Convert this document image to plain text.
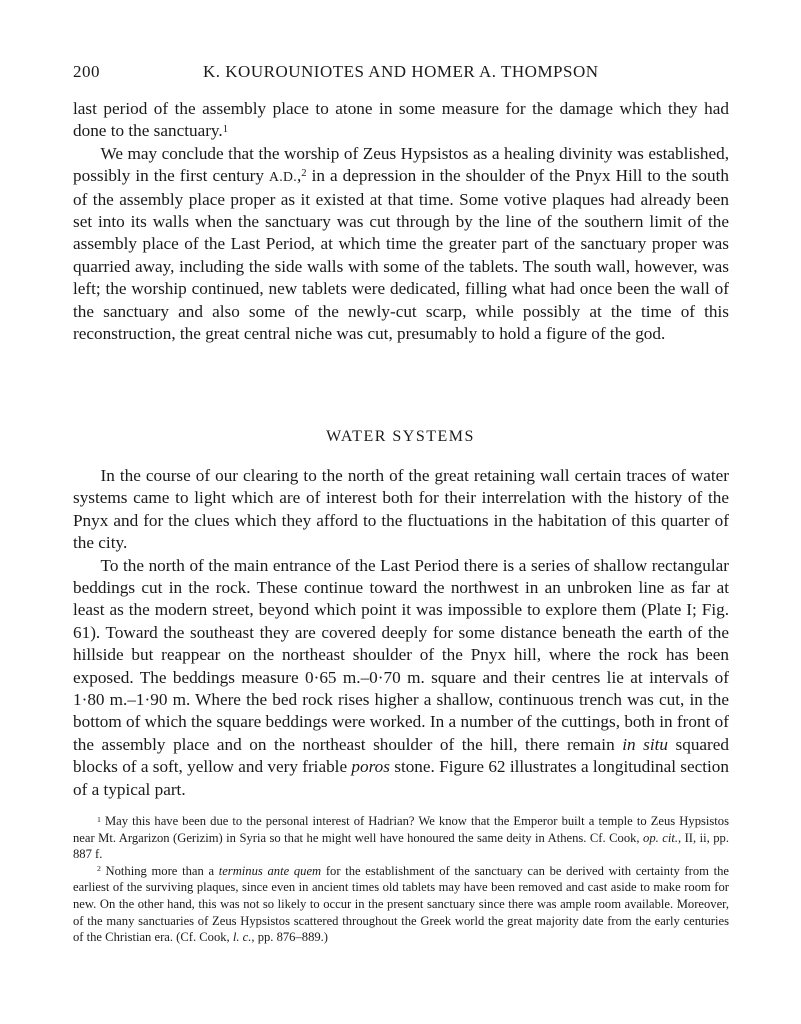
200	K. KOUROUNIOTES AND HOMER A. THOMPSON

last period of the assembly place to atone in some measure for the damage which they had done to the sanctuary.$^1$

We may conclude that the worship of Zeus Hypsistos as a healing divinity was established, possibly in the first century A.D.,$^2$ in a depression in the shoulder of the Pnyx Hill to the south of the assembly place proper as it existed at that time. Some votive plaques had already been set into its walls when the sanctuary was cut through by the line of the southern limit of the assembly place of the Last Period, at which time the greater part of the sanctuary proper was quarried away, including the side walls with some of the tablets. The south wall, however, was left; the worship continued, new tablets were dedicated, filling what had once been the wall of the sanctuary and also some of the newly-cut scarp, while possibly at the time of this reconstruction, the great central niche was cut, presumably to hold a figure of the god.

WATER SYSTEMS

In the course of our clearing to the north of the great retaining wall certain traces of water systems came to light which are of interest both for their interrelation with the history of the Pnyx and for the clues which they afford to the fluctuations in the habitation of this quarter of the city.

To the north of the main entrance of the Last Period there is a series of shallow rectangular beddings cut in the rock. These continue toward the northwest in an unbroken line as far at least as the modern street, beyond which point it was impossible to explore them (Plate I; Fig. 61). Toward the southeast they are covered deeply for some distance beneath the earth of the hillside but reappear on the northeast shoulder of the Pnyx hill, where the rock has been exposed. The beddings measure 0·65 m.–0·70 m. square and their centres lie at intervals of 1·80 m.–1·90 m. Where the bed rock rises higher a shallow, continuous trench was cut, in the bottom of which the square beddings were worked. In a number of the cuttings, both in front of the assembly place and on the northeast shoulder of the hill, there remain in situ squared blocks of a soft, yellow and very friable poros stone. Figure 62 illustrates a longitudinal section of a typical part.

$^1$ May this have been due to the personal interest of Hadrian? We know that the Emperor built a temple to Zeus Hypsistos near Mt. Argarizon (Gerizim) in Syria so that he might well have honoured the same deity in Athens. Cf. Cook, op. cit., II, ii, pp. 887 f.

$^2$ Nothing more than a terminus ante quem for the establishment of the sanctuary can be derived with certainty from the earliest of the surviving plaques, since even in ancient times old tablets may have been removed and cast aside to make room for new. On the other hand, this was not so likely to occur in the present sanctuary since there was ample room available. Moreover, of the many sanctuaries of Zeus Hypsistos scattered throughout the Greek world the great majority date from the early centuries of the Christian era. (Cf. Cook, l. c., pp. 876–889.)
